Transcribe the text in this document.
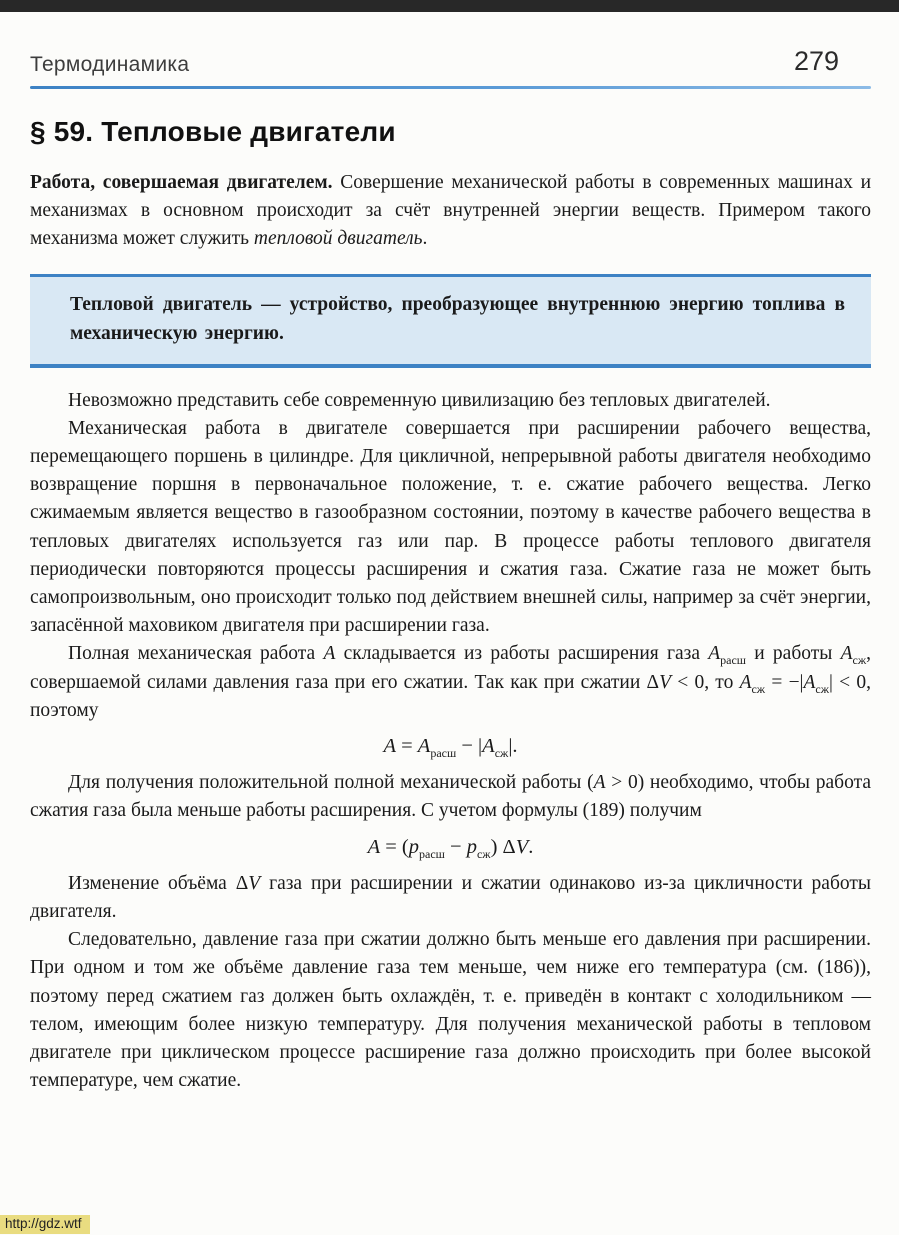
Термодинамика	279
§ 59. Тепловые двигатели

Работа, совершаемая двигателем. Совершение механической работы в современных машинах и механизмах в основном происходит за счёт внутренней энергии веществ. Примером такого механизма может служить тепловой двигатель.

Тепловой двигатель — устройство, преобразующее внутреннюю энергию топлива в механическую энергию.

Невозможно представить себе современную цивилизацию без тепловых двигателей.

Механическая работа в двигателе совершается при расширении рабочего вещества, перемещающего поршень в цилиндре. Для цикличной, непрерывной работы двигателя необходимо возвращение поршня в первоначальное положение, т. е. сжатие рабочего вещества. Легко сжимаемым является вещество в газообразном состоянии, поэтому в качестве рабочего вещества в тепловых двигателях используется газ или пар. В процессе работы теплового двигателя периодически повторяются процессы расширения и сжатия газа. Сжатие газа не может быть самопроизвольным, оно происходит только под действием внешней силы, например за счёт энергии, запасённой маховиком двигателя при расширении газа.

Полная механическая работа A складывается из работы расширения газа $A_{расш}$ и работы $A_{сж}$, совершаемой силами давления газа при его сжатии. Так как при сжатии ΔV < 0, то $A_{сж} = -|A_{сж}| < 0$, поэтому

$A = A_{расш} - |A_{сж}|$.

Для получения положительной полной механической работы (A > 0) необходимо, чтобы работа сжатия газа была меньше работы расширения. С учетом формулы (189) получим

$A = (p_{расш} - p_{сж})$ ΔV.

Изменение объёма ΔV газа при расширении и сжатии одинаково из-за цикличности работы двигателя.

Следовательно, давление газа при сжатии должно быть меньше его давления при расширении. При одном и том же объёме давление газа тем меньше, чем ниже его температура (см. (186)), поэтому перед сжатием газ должен быть охлаждён, т. е. приведён в контакт с холодильником — телом, имеющим более низкую температуру. Для получения механической работы в тепловом двигателе при циклическом процессе расширение газа должно происходить при более высокой температуре, чем сжатие.

http://gdz.wtf
